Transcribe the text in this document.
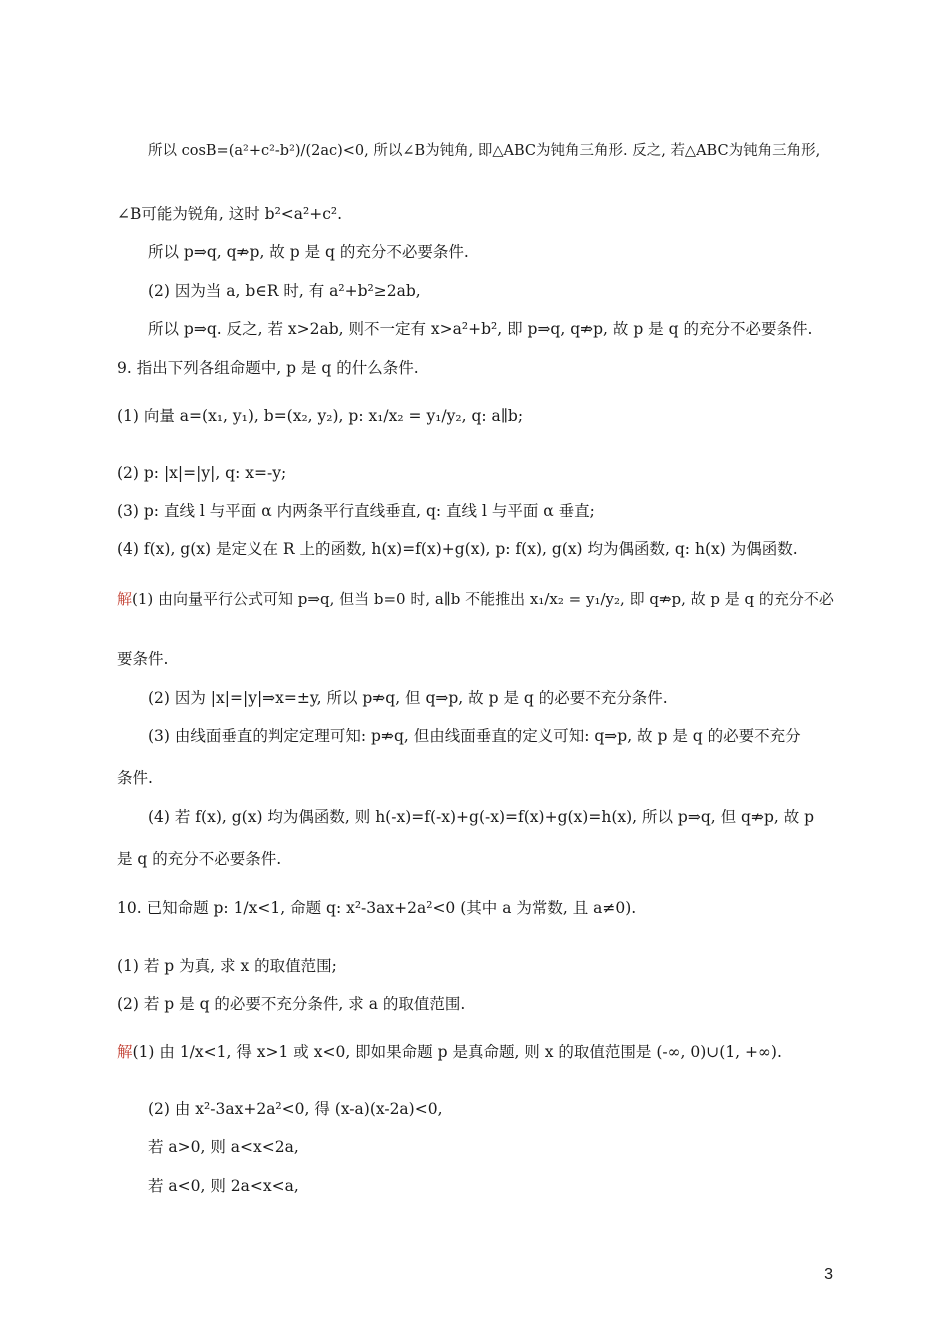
所以 cosB=(a²+c²-b²)/(2ac)<0, 所以∠B为钝角, 即△ABC为钝角三角形. 反之, 若△ABC为钝角三角形,
∠B可能为锐角, 这时 b²<a²+c².
所以 p⇒q, q⇏p, 故 p 是 q 的充分不必要条件.
(2) 因为当 a, b∈R 时, 有 a²+b²≥2ab,
所以 p⇒q. 反之, 若 x>2ab, 则不一定有 x>a²+b², 即 p⇒q, q⇏p, 故 p 是 q 的充分不必要条件.
9. 指出下列各组命题中, p 是 q 的什么条件.
(1) 向量 a=(x₁, y₁), b=(x₂, y₂), p: x₁/x₂ = y₁/y₂, q: a∥b;
(2) p: |x|=|y|, q: x=-y;
(3) p: 直线 l 与平面 α 内两条平行直线垂直, q: 直线 l 与平面 α 垂直;
(4) f(x), g(x) 是定义在 R 上的函数, h(x)=f(x)+g(x), p: f(x), g(x) 均为偶函数, q: h(x) 为偶函数.
解(1) 由向量平行公式可知 p⇒q, 但当 b=0 时, a∥b 不能推出 x₁/x₂ = y₁/y₂, 即 q⇏p, 故 p 是 q 的充分不必
要条件.
(2) 因为 |x|=|y|⇒x=±y, 所以 p⇏q, 但 q⇒p, 故 p 是 q 的必要不充分条件.
(3) 由线面垂直的判定定理可知: p⇏q, 但由线面垂直的定义可知: q⇒p, 故 p 是 q 的必要不充分
条件.
(4) 若 f(x), g(x) 均为偶函数, 则 h(-x)=f(-x)+g(-x)=f(x)+g(x)=h(x), 所以 p⇒q, 但 q⇏p, 故 p
是 q 的充分不必要条件.
10. 已知命题 p: 1/x<1, 命题 q: x²-3ax+2a²<0 (其中 a 为常数, 且 a≠0).
(1) 若 p 为真, 求 x 的取值范围;
(2) 若 p 是 q 的必要不充分条件, 求 a 的取值范围.
解(1) 由 1/x<1, 得 x>1 或 x<0, 即如果命题 p 是真命题, 则 x 的取值范围是 (-∞, 0)∪(1, +∞).
(2) 由 x²-3ax+2a²<0, 得 (x-a)(x-2a)<0,
若 a>0, 则 a<x<2a,
若 a<0, 则 2a<x<a,
3
